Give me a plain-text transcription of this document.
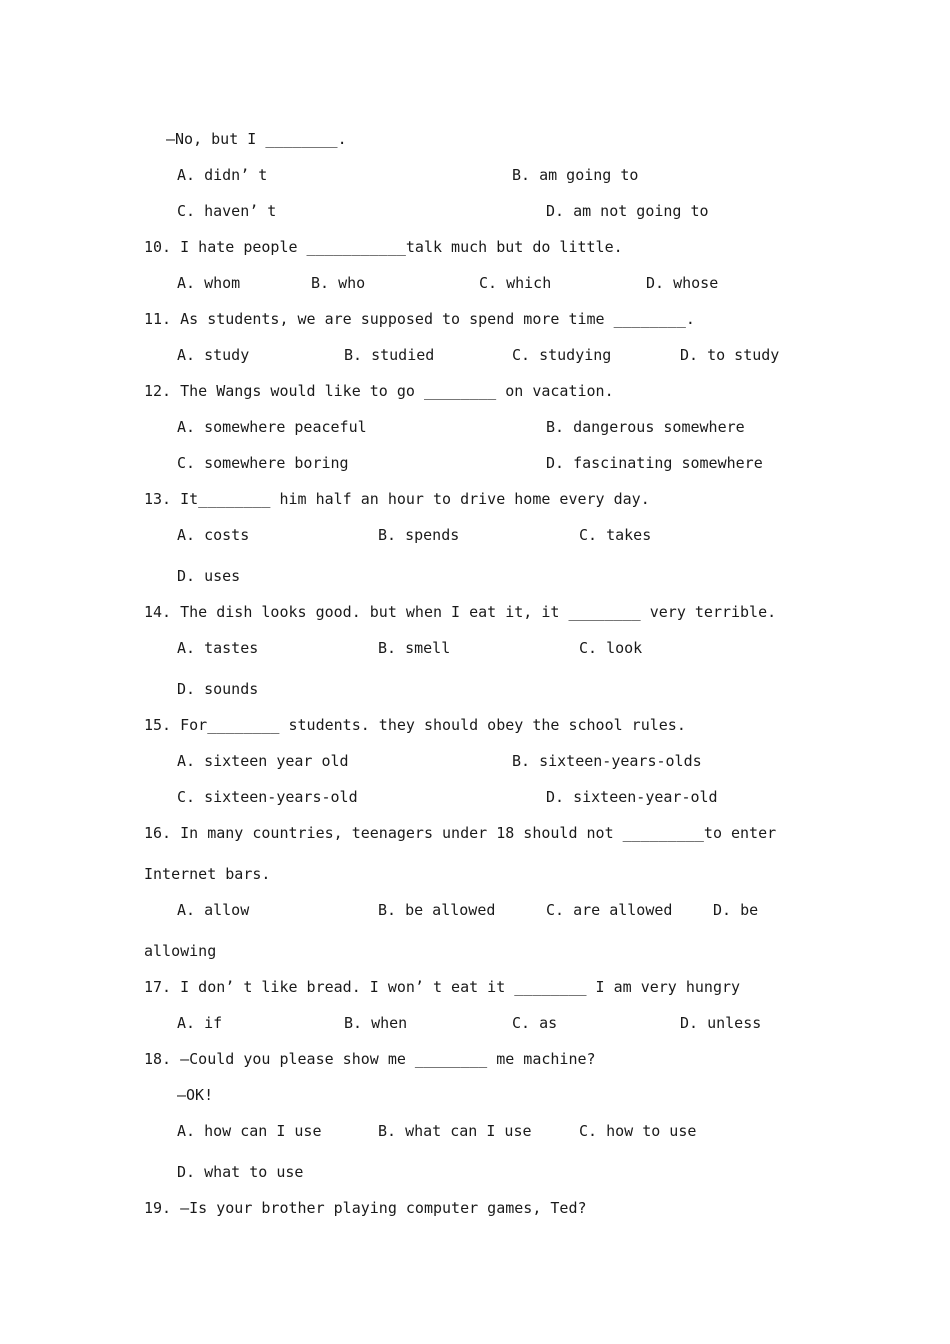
—No, but I ________.
A. didn’ t	B. am going to
C. haven’ t	D. am not going to
10. I hate people ___________talk much but do little.
A. whom	B. who	C. which	D. whose
11. As students, we are supposed to spend more time ________.
A. study	B. studied	C. studying	D. to study
12. The Wangs would like to go ________ on vacation.
A. somewhere peaceful	B. dangerous somewhere
C. somewhere boring	D. fascinating somewhere
13. It________ him half an hour to drive home every day.
A. costs	B. spends	C. takes
D. uses
14. The dish looks good. but when I eat it, it ________ very terrible.
A. tastes	B. smell	C. look
D. sounds
15. For________ students. they should obey the school rules.
A. sixteen year old	B. sixteen-years-olds
C. sixteen-years-old	D. sixteen-year-old
16. In many countries, teenagers under 18 should not _________to enter
Internet bars.
A. allow	B. be allowed	C. are allowed	D. be
allowing
17. I don’ t like bread. I won’ t eat it ________ I am very hungry
A. if	B. when	C. as	D. unless
18. —Could you please show me ________ me machine?
—OK!
A. how can I use	B. what can I use	C. how to use
D. what to use
19. —Is your brother playing computer games, Ted?
